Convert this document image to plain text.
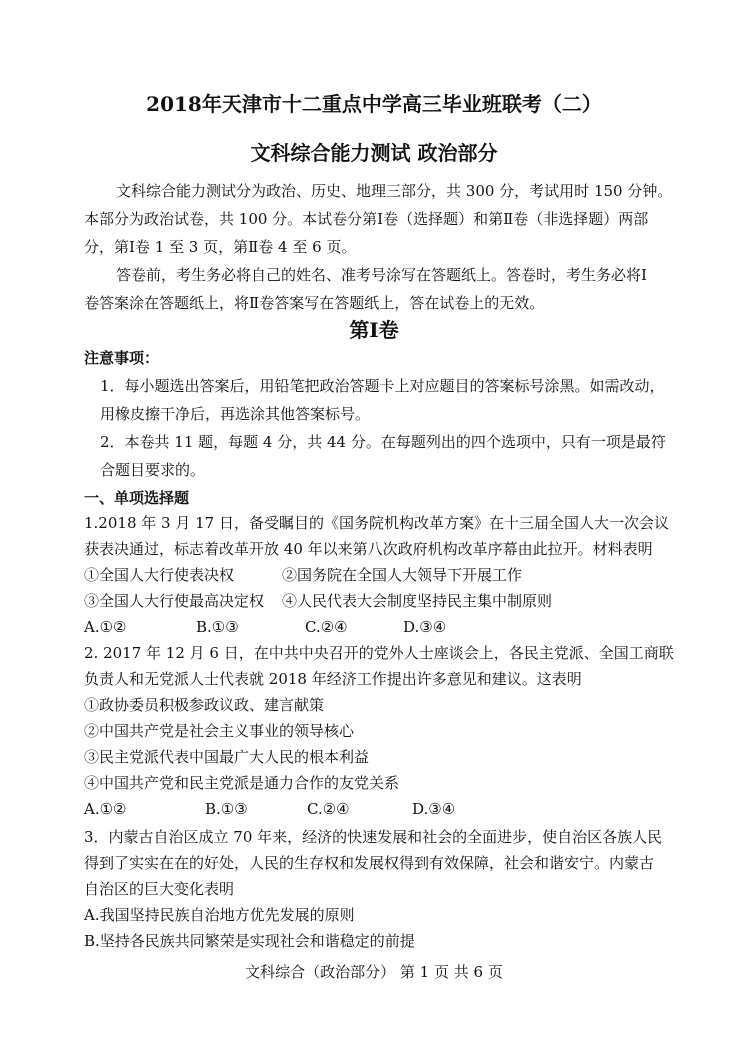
2018年天津市十二重点中学高三毕业班联考（二）
文科综合能力测试 政治部分
文科综合能力测试分为政治、历史、地理三部分，共 300 分，考试用时 150 分钟。
本部分为政治试卷，共 100 分。本试卷分第Ⅰ卷（选择题）和第Ⅱ卷（非选择题）两部
分，第Ⅰ卷 1 至 3 页，第Ⅱ卷 4 至 6 页。
答卷前，考生务必将自己的姓名、准考号涂写在答题纸上。答卷时，考生务必将Ⅰ
卷答案涂在答题纸上，将Ⅱ卷答案写在答题纸上，答在试卷上的无效。
第Ⅰ卷
注意事项：
1．每小题选出答案后，用铅笔把政治答题卡上对应题目的答案标号涂黑。如需改动，
用橡皮擦干净后，再选涂其他答案标号。
2．本卷共 11 题，每题 4 分，共 44 分。在每题列出的四个选项中，只有一项是最符
合题目要求的。
一、单项选择题
1.2018 年 3 月 17 日，备受瞩目的《国务院机构改革方案》在十三届全国人大一次会议
获表决通过，标志着改革开放 40 年以来第八次政府机构改革序幕由此拉开。材料表明
①全国人大行使表决权	②国务院在全国人大领导下开展工作
③全国人大行使最高决定权 ④人民代表大会制度坚持民主集中制原则
A.①②	B.①③	C.②④	D.③④
2. 2017 年 12 月 6 日，在中共中央召开的党外人士座谈会上，各民主党派、全国工商联
负责人和无党派人士代表就 2018 年经济工作提出许多意见和建议。这表明
①政协委员积极参政议政、建言献策
②中国共产党是社会主义事业的领导核心
③民主党派代表中国最广大人民的根本利益
④中国共产党和民主党派是通力合作的友党关系
A.①②	B.①③	C.②④	D.③④
3．内蒙古自治区成立 70 年来，经济的快速发展和社会的全面进步，使自治区各族人民
得到了实实在在的好处，人民的生存权和发展权得到有效保障，社会和谐安宁。内蒙古
自治区的巨大变化表明
A.我国坚持民族自治地方优先发展的原则
B.坚持各民族共同繁荣是实现社会和谐稳定的前提
文科综合（政治部分） 第 1 页 共 6 页
